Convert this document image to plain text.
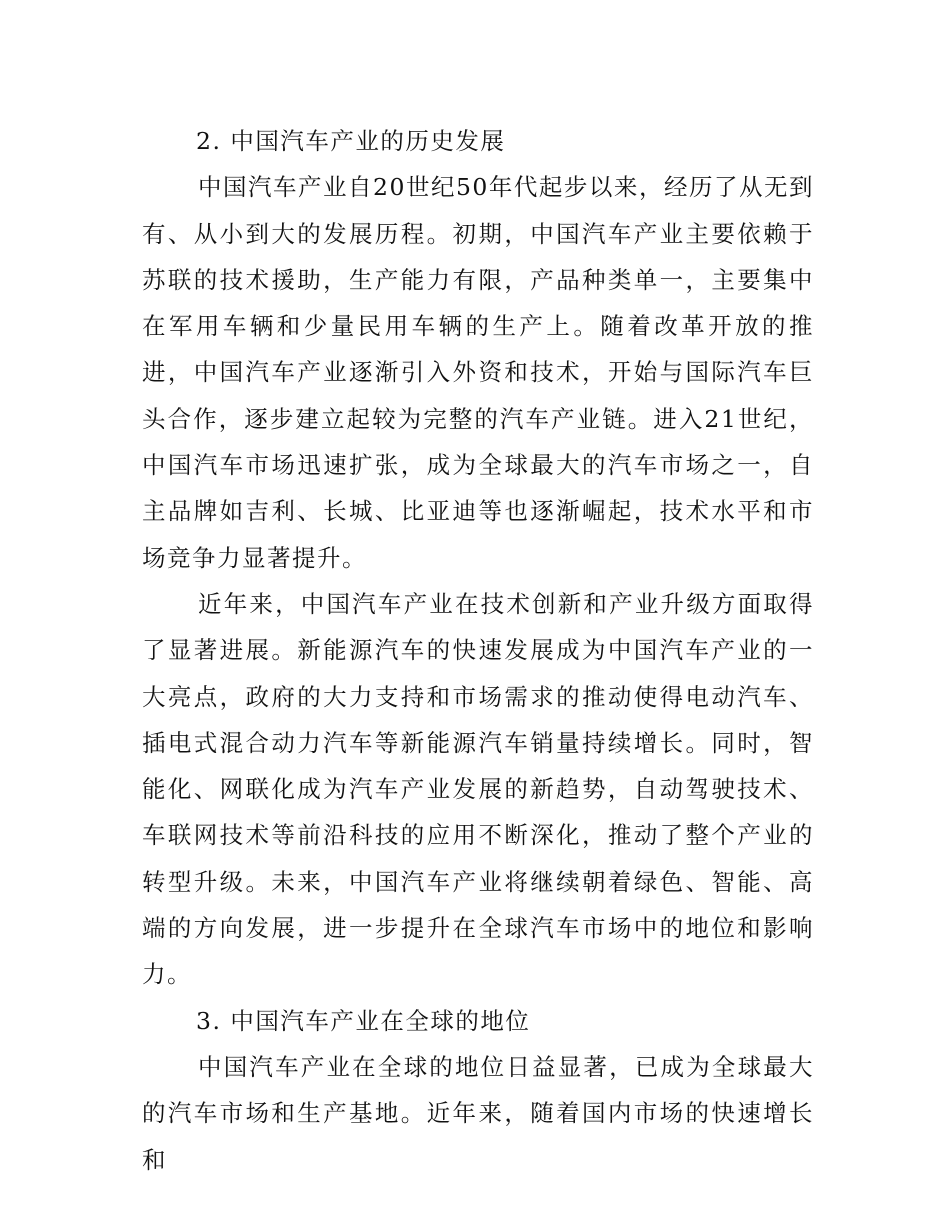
2. 中国汽车产业的历史发展

中国汽车产业自20世纪50年代起步以来，经历了从无到有、从小到大的发展历程。初期，中国汽车产业主要依赖于苏联的技术援助，生产能力有限，产品种类单一，主要集中在军用车辆和少量民用车辆的生产上。随着改革开放的推进，中国汽车产业逐渐引入外资和技术，开始与国际汽车巨头合作，逐步建立起较为完整的汽车产业链。进入21世纪，中国汽车市场迅速扩张，成为全球最大的汽车市场之一，自主品牌如吉利、长城、比亚迪等也逐渐崛起，技术水平和市场竞争力显著提升。

近年来，中国汽车产业在技术创新和产业升级方面取得了显著进展。新能源汽车的快速发展成为中国汽车产业的一大亮点，政府的大力支持和市场需求的推动使得电动汽车、插电式混合动力汽车等新能源汽车销量持续增长。同时，智能化、网联化成为汽车产业发展的新趋势，自动驾驶技术、车联网技术等前沿科技的应用不断深化，推动了整个产业的转型升级。未来，中国汽车产业将继续朝着绿色、智能、高端的方向发展，进一步提升在全球汽车市场中的地位和影响力。

3. 中国汽车产业在全球的地位

中国汽车产业在全球的地位日益显著，已成为全球最大的汽车市场和生产基地。近年来，随着国内市场的快速增长和
